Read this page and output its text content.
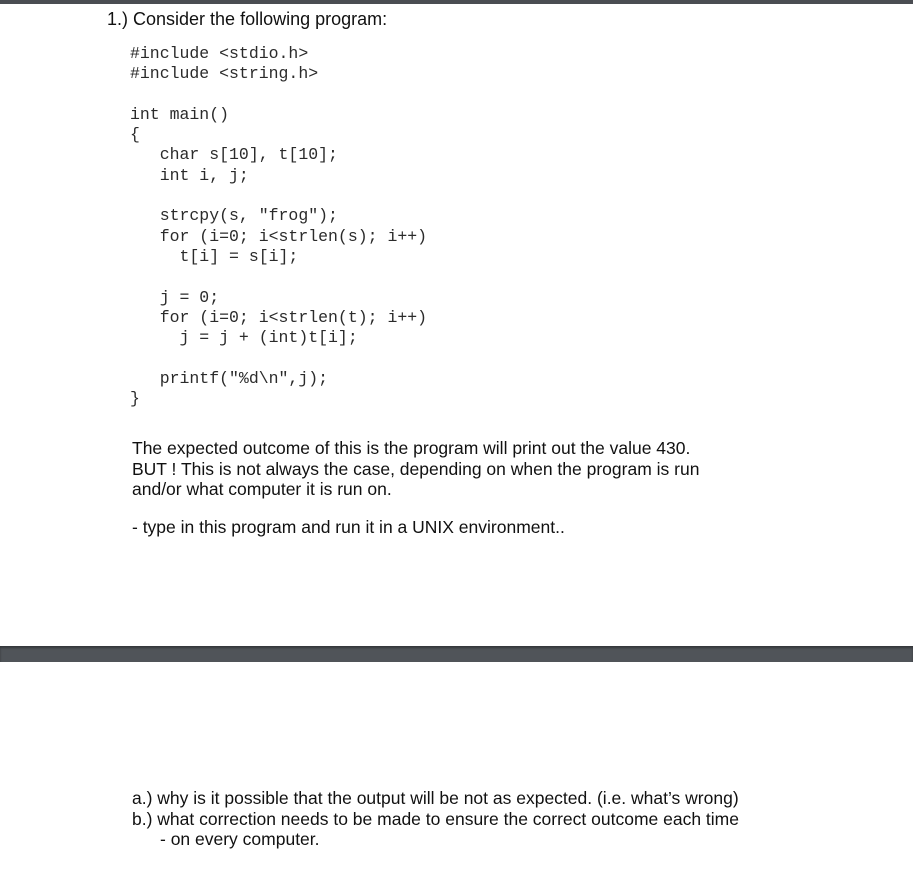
1.) Consider the following program:
#include <stdio.h>
#include <string.h>
int main()
{
char s[10], t[10];
int i, j;
strcpy(s, "frog");
for (i=0; i<strlen(s); i++)
t[i] = s[i];
j = 0;
for (i=0; i<strlen(t); i++)
j = j + (int)t[i];
printf("%d\n",j);
}
The expected outcome of this is the program will print out the value 430.
BUT ! This is not always the case, depending on when the program is run
and/or what computer it is run on.
- type in this program and run it in a UNIX environment..
a.) why is it possible that the output will be not as expected. (i.e. what’s wrong)
b.) what correction needs to be made to ensure the correct outcome each time
- on every computer.
